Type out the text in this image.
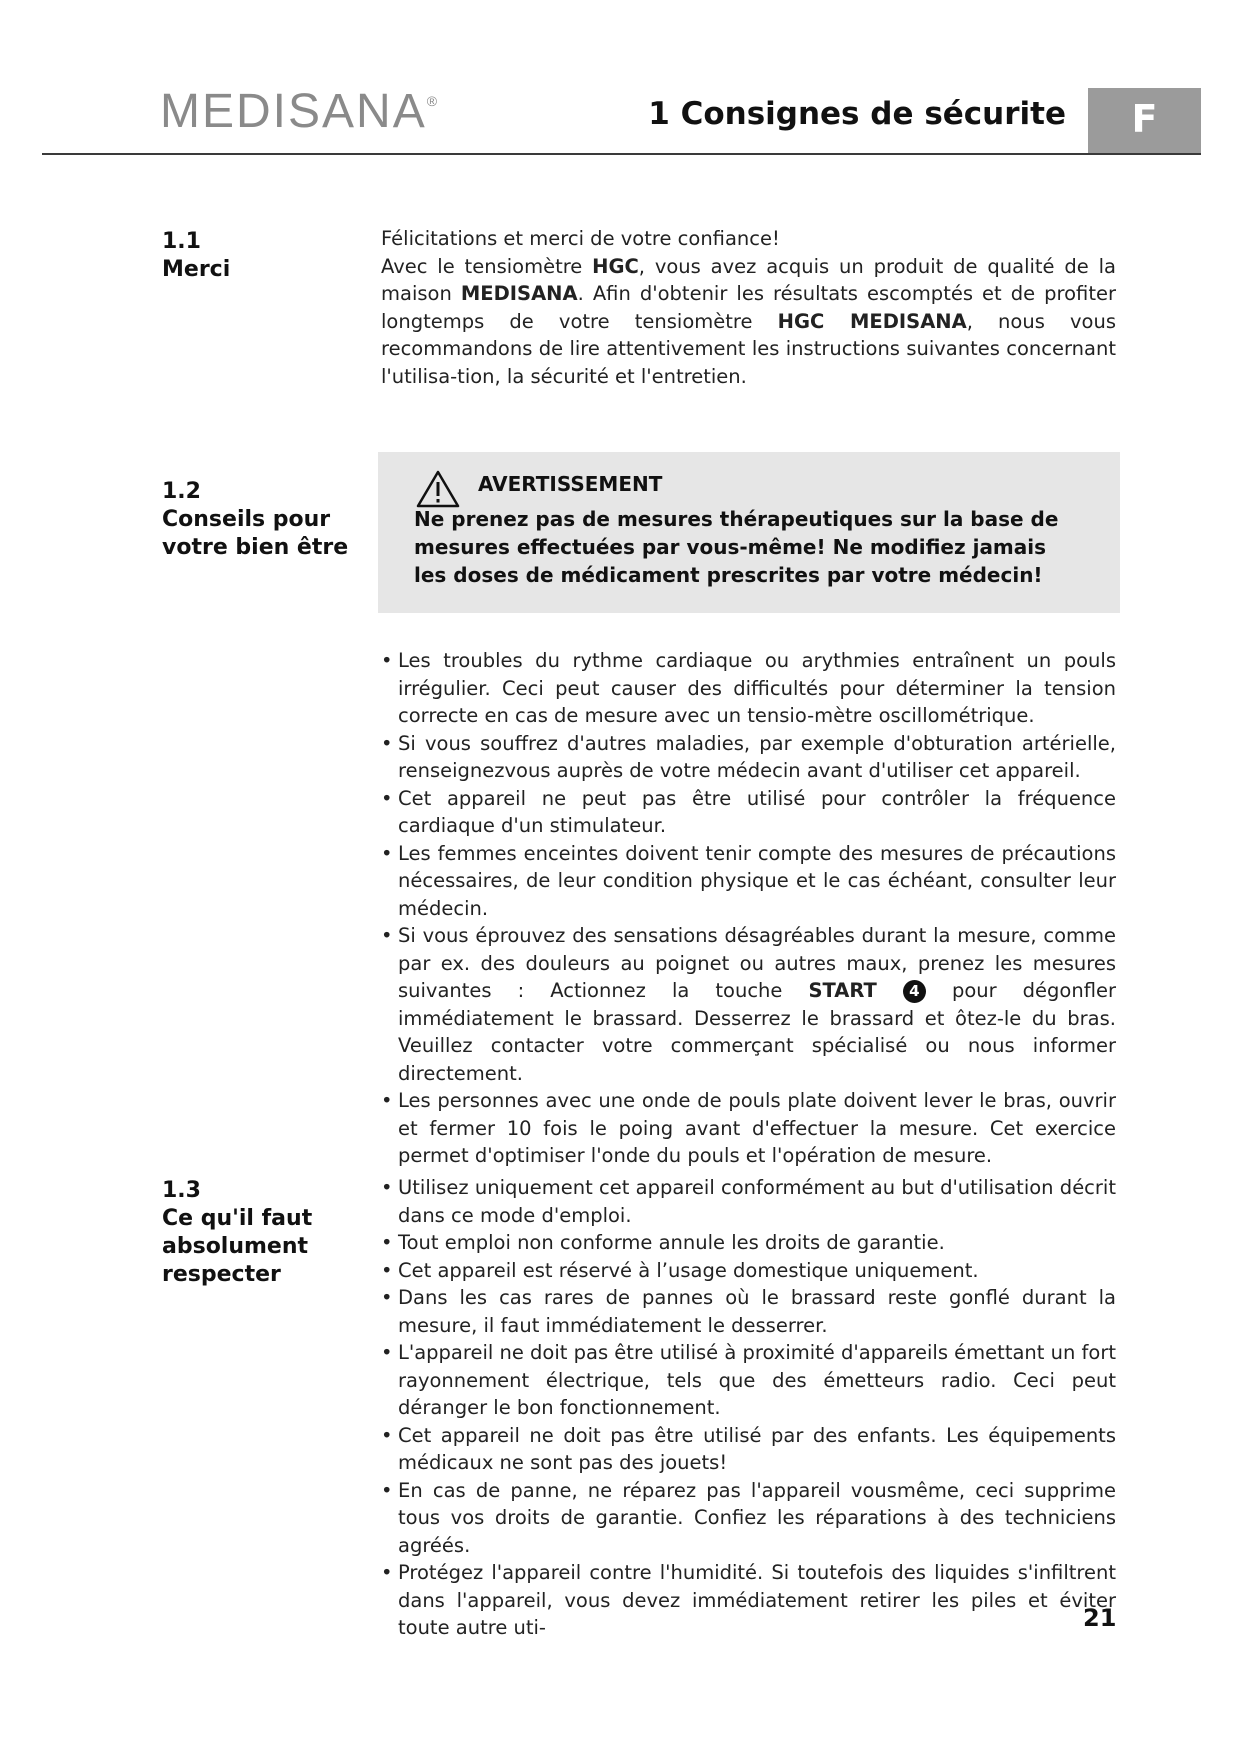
MEDISANA®	1 Consignes de sécurite	F
1.1
Merci

Félicitations et merci de votre confiance!

Avec le tensiomètre HGC, vous avez acquis un produit de qualité de la maison MEDISANA. Afin d'obtenir les résultats escomptés et de profiter longtemps de votre tensiomètre HGC MEDISANA, nous vous recommandons de lire attentivement les instructions suivantes concernant l'utilisa-tion, la sécurité et l'entretien.

1.2
Conseils pour
votre bien être
AVERTISSEMENT
Ne prenez pas de mesures thérapeutiques sur la base de mesures effectuées par vous-même! Ne modifiez jamais les doses de médicament prescrites par votre médecin!
• Les troubles du rythme cardiaque ou arythmies entraînent un pouls irrégulier. Ceci peut causer des difficultés pour déterminer la tension correcte en cas de mesure avec un tensio-mètre oscillométrique.
• Si vous souffrez d'autres maladies, par exemple d'obturation artérielle, renseignezvous auprès de votre médecin avant d'utiliser cet appareil.
• Cet appareil ne peut pas être utilisé pour contrôler la fréquence cardiaque d'un stimulateur.
• Les femmes enceintes doivent tenir compte des mesures de précautions nécessaires, de leur condition physique et le cas échéant, consulter leur médecin.
• Si vous éprouvez des sensations désagréables durant la mesure, comme par ex. des douleurs au poignet ou autres maux, prenez les mesures suivantes : Actionnez la touche START 4 pour dégonfler immédiatement le brassard. Desserrez le brassard et ôtez-le du bras. Veuillez contacter votre commerçant spécialisé ou nous informer directement.
• Les personnes avec une onde de pouls plate doivent lever le bras, ouvrir et fermer 10 fois le poing avant d'effectuer la mesure. Cet exercice permet d'optimiser l'onde du pouls et l'opération de mesure.
1.3
Ce qu'il faut
absolument
respecter
• Utilisez uniquement cet appareil conformément au but d'utilisation décrit dans ce mode d'emploi.
• Tout emploi non conforme annule les droits de garantie.
• Cet appareil est réservé à l’usage domestique uniquement.
• Dans les cas rares de pannes où le brassard reste gonflé durant la mesure, il faut immédiatement le desserrer.
• L'appareil ne doit pas être utilisé à proximité d'appareils émettant un fort rayonnement électrique, tels que des émetteurs radio. Ceci peut déranger le bon fonctionnement.
• Cet appareil ne doit pas être utilisé par des enfants. Les équipements médicaux ne sont pas des jouets!
• En cas de panne, ne réparez pas l'appareil vousmême, ceci supprime tous vos droits de garantie. Confiez les réparations à des techniciens agréés.
• Protégez l'appareil contre l'humidité. Si toutefois des liquides s'infiltrent dans l'appareil, vous devez immédiatement retirer les piles et éviter toute autre uti-	21
